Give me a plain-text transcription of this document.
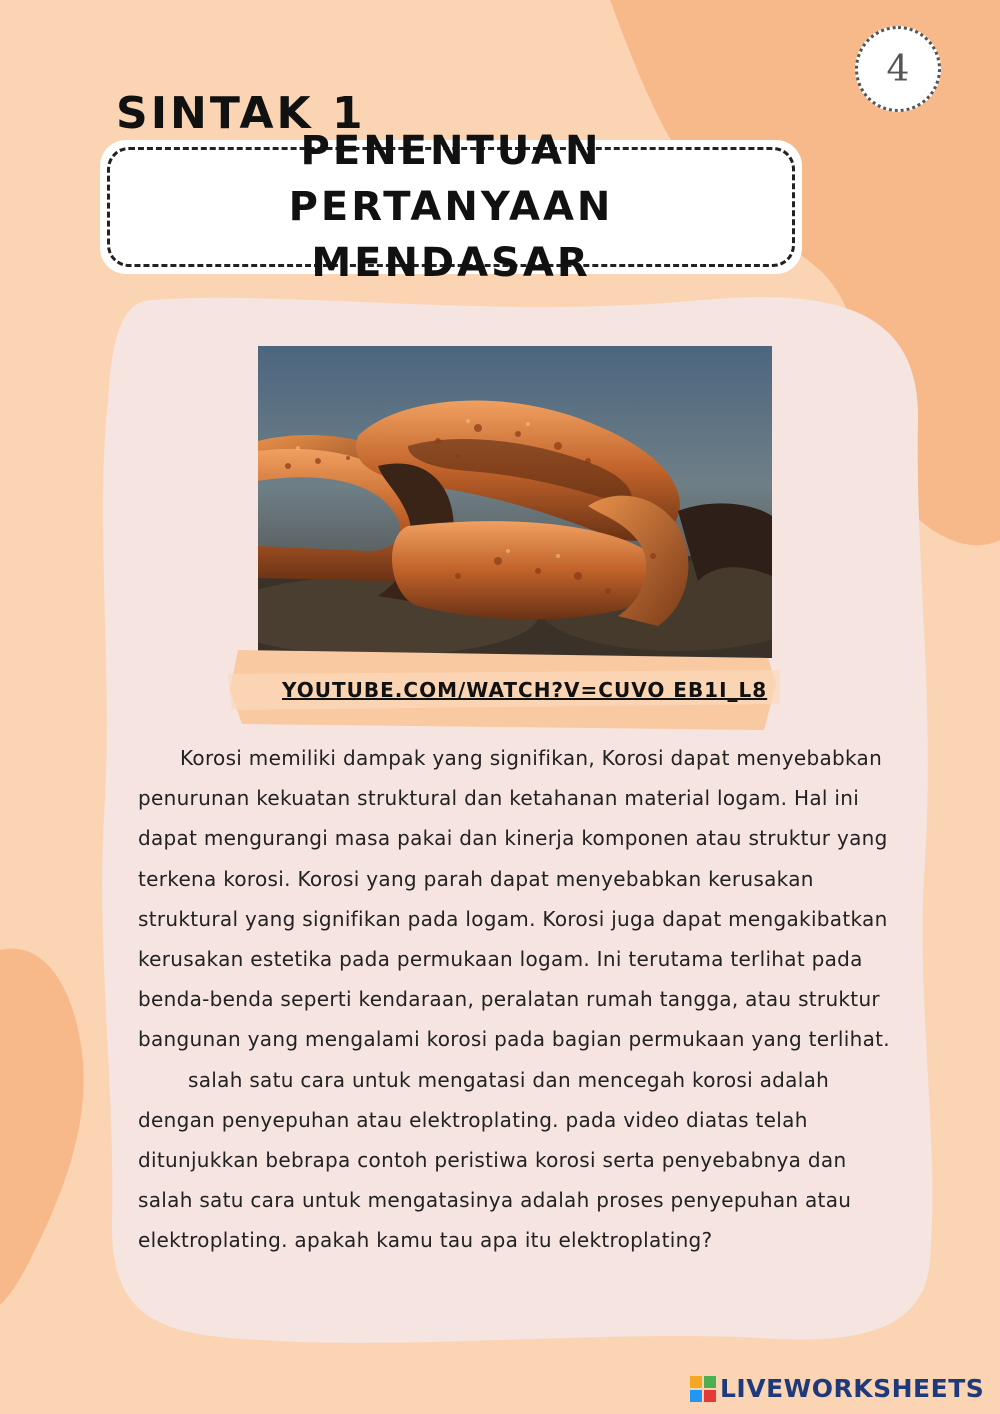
4
SINTAK 1
PENENTUAN PERTANYAAN
MENDASAR
YOUTUBE.COM/WATCH?V=CUVO EB1I_L8

Korosi memiliki dampak yang signifikan, Korosi dapat menyebabkan penurunan kekuatan struktural dan ketahanan material logam. Hal ini dapat mengurangi masa pakai dan kinerja komponen atau struktur yang terkena korosi. Korosi yang parah dapat menyebabkan kerusakan struktural yang signifikan pada logam. Korosi juga dapat mengakibatkan kerusakan estetika pada permukaan logam. Ini terutama terlihat pada benda-benda seperti kendaraan, peralatan rumah tangga, atau struktur bangunan yang mengalami korosi pada bagian permukaan yang terlihat.

salah satu cara untuk mengatasi dan mencegah korosi adalah dengan penyepuhan atau elektroplating. pada video diatas telah ditunjukkan bebrapa contoh peristiwa korosi serta penyebabnya dan salah satu cara untuk mengatasinya adalah proses penyepuhan atau elektroplating. apakah kamu tau apa itu elektroplating?

LIVEWORKSHEETS
